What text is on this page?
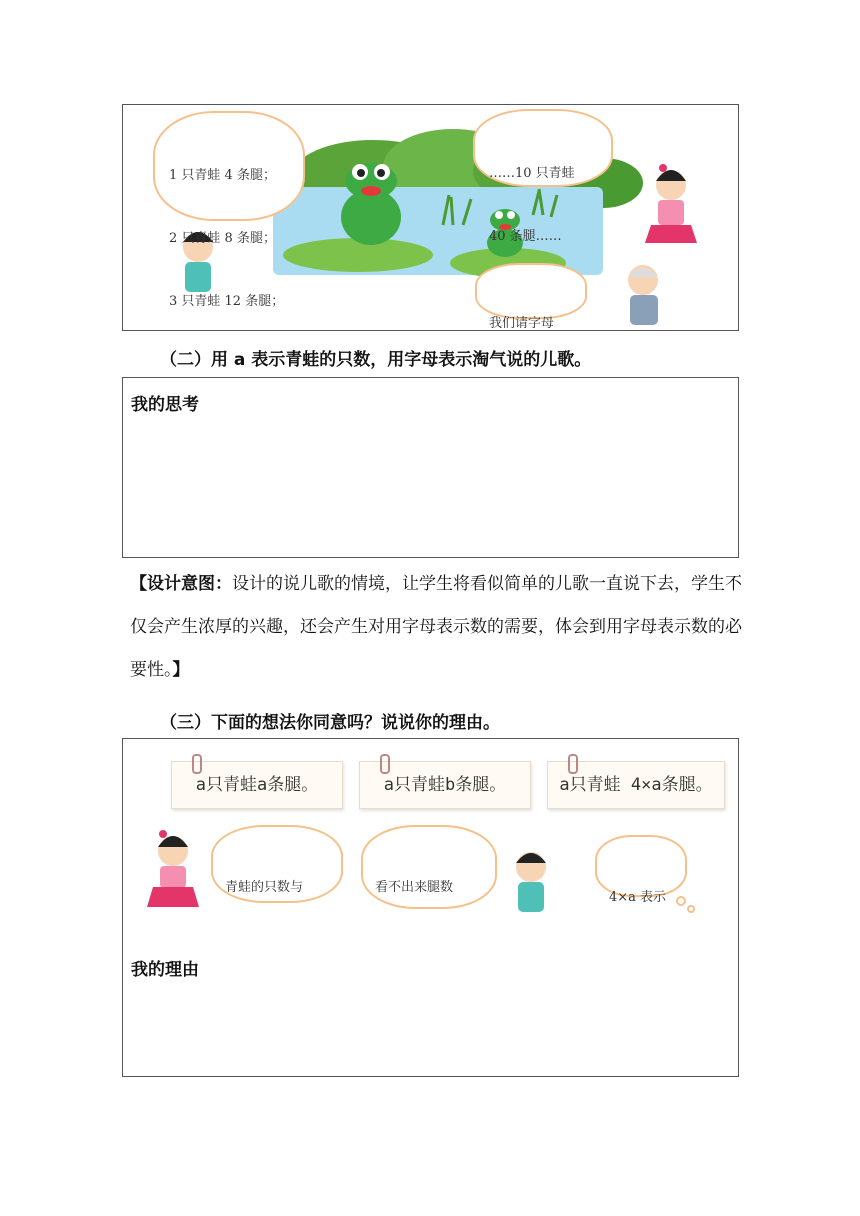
1 只青蛙 4 条腿；

2 只青蛙 8 条腿；

3 只青蛙 12 条腿；

……10 只青蛙

40 条腿……

我们请字母

（二）用 a 表示青蛙的只数，用字母表示淘气说的儿歌。
我的思考
【设计意图：设计的说儿歌的情境，让学生将看似简单的儿歌一直说下去，学生不仅会产生浓厚的兴趣，还会产生对用字母表示数的需要，体会到用字母表示数的必要性。】
（三）下面的想法你同意吗？说说你的理由。
a只青蛙a条腿。	a只青蛙b条腿。	a只青蛙 4×a条腿。

青蛙的只数与

	看不出来腿数

4×a 表示

我的理由
